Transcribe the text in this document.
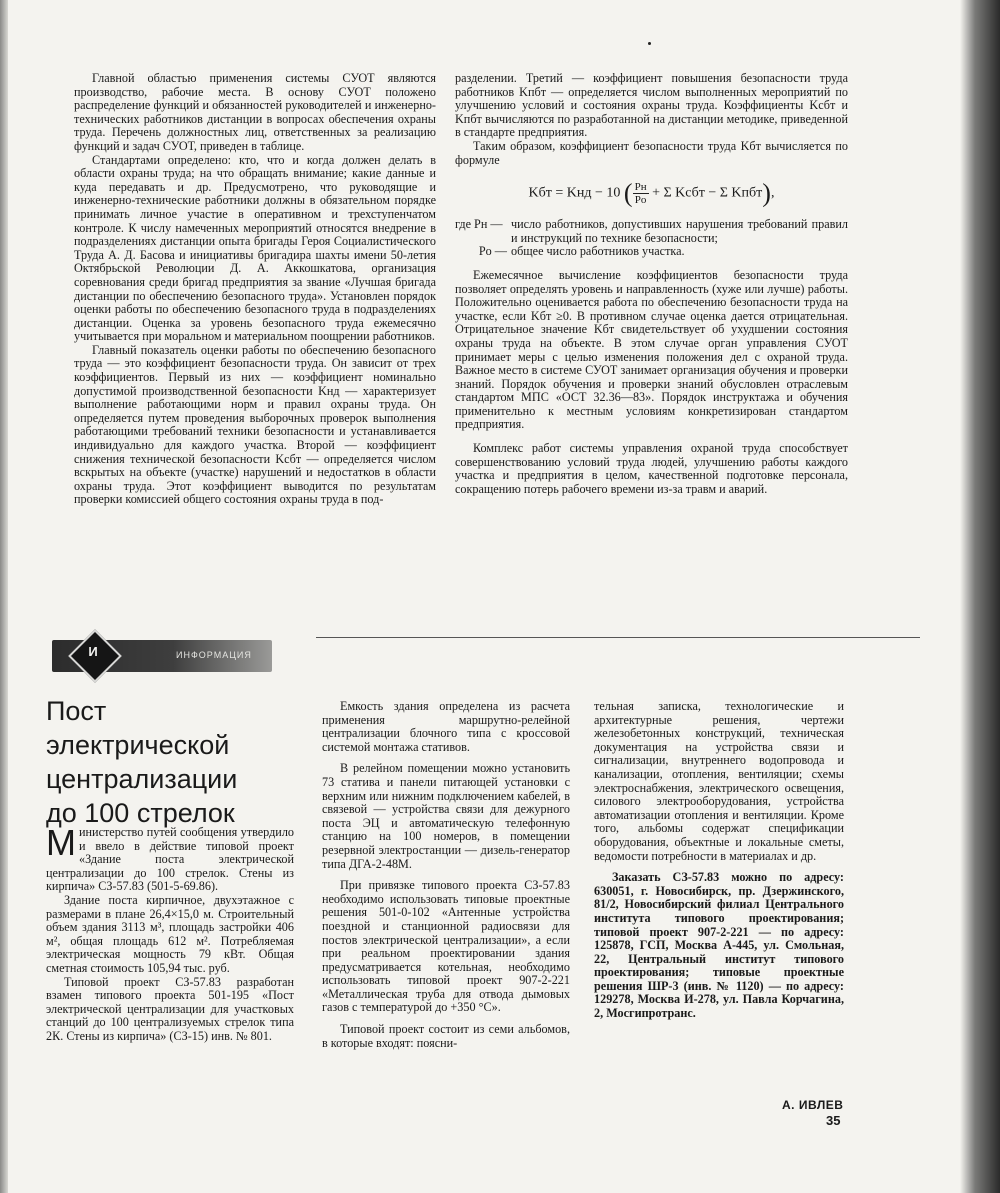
Главной областью применения системы СУОТ являются производство, рабочие места. В основу СУОТ положено распределение функций и обязанностей руководителей и инженерно-технических работников дистанции в вопросах обеспечения охраны труда. Перечень должностных лиц, ответственных за реализацию функций и задач СУОТ, приведен в таблице.

Стандартами определено: кто, что и когда должен делать в области охраны труда; на что обращать внимание; какие данные и куда передавать и др. Предусмотрено, что руководящие и инженерно-технические работники должны в обязательном порядке принимать личное участие в оперативном и трехступенчатом контроле. К числу намеченных мероприятий относятся внедрение в подразделениях дистанции опыта бригады Героя Социалистического Труда А. Д. Басова и инициативы бригадира шахты имени 50-летия Октябрьской Революции Д. А. Аккошкатова, организация соревнования среди бригад предприятия за звание «Лучшая бригада дистанции по обеспечению безопасного труда». Установлен порядок оценки работы по обеспечению безопасного труда в подразделениях дистанции. Оценка за уровень безопасного труда ежемесячно учитывается при моральном и материальном поощрении работников.

Главный показатель оценки работы по обеспечению безопасного труда — это коэффициент безопасности труда. Он зависит от трех коэффициентов. Первый из них — коэффициент номинально допустимой производственной безопасности Kнд — характеризует выполнение работающими норм и правил охраны труда. Он определяется путем проведения выборочных проверок выполнения работающими требований техники безопасности и устанавливается индивидуально для каждого участка. Второй — коэффициент снижения технической безопасности Kсбт — определяется числом вскрытых на объекте (участке) нарушений и недостатков в области охраны труда. Этот коэффициент выводится по результатам проверки комиссией общего состояния охраны труда в под-

разделении. Третий — коэффициент повышения безопасности труда работников Kпбт — определяется числом выполненных мероприятий по улучшению условий и состояния охраны труда. Коэффициенты Kсбт и Kпбт вычисляются по разработанной на дистанции методике, приведенной в стандарте предприятия.

Таким образом, коэффициент безопасности труда Kбт вычисляется по формуле

Kбт = Kнд − 10 ( $\frac{Pн}{Pо} + \Sigma$ Kсбт − Σ Kпбт),
где Pн — число работников, допустивших нарушения требований правил и инструкций по технике безопасности;
Pо — общее число работников участка.

Ежемесячное вычисление коэффициентов безопасности труда позволяет определять уровень и направленность (хуже или лучше) работы. Положительно оценивается работа по обеспечению безопасности труда на участке, если Kбт ≥0. В противном случае оценка дается отрицательная. Отрицательное значение Kбт свидетельствует об ухудшении состояния охраны труда на объекте. В этом случае орган управления СУОТ принимает меры с целью изменения положения дел с охраной труда. Важное место в системе СУОТ занимает организация обучения и проверки знаний. Порядок обучения и проверки знаний обусловлен отраслевым стандартом МПС «ОСТ 32.36—83». Порядок инструктажа и обучения применительно к местным условиям конкретизирован стандартом предприятия.

Комплекс работ системы управления охраной труда способствует совершенствованию условий труда людей, улучшению работы каждого участка и предприятия в целом, качественной подготовке персонала, сокращению потерь рабочего времени из-за травм и аварий.

И	ИНФОРМАЦИЯ
Пост
электрической
централизации
до 100 стрелок

Министерство путей сообщения утвердило и ввело в действие типовой проект «Здание поста электрической централизации до 100 стрелок. Стены из кирпича» СЗ-57.83 (501-5-69.86).

Здание поста кирпичное, двухэтажное с размерами в плане 26,4×15,0 м. Строительный объем здания 3113 м³, площадь застройки 406 м², общая площадь 612 м². Потребляемая электрическая мощность 79 кВт. Общая сметная стоимость 105,94 тыс. руб.

Типовой проект СЗ-57.83 разработан взамен типового проекта 501-195 «Пост электрической централизации для участковых станций до 100 централизуемых стрелок типа 2К. Стены из кирпича» (СЗ-15) инв. № 801.

Емкость здания определена из расчета применения маршрутно-релейной централизации блочного типа с кроссовой системой монтажа стативов.

В релейном помещении можно установить 73 статива и панели питающей установки с верхним или нижним подключением кабелей, в связевой — устройства связи для дежурного поста ЭЦ и автоматическую телефонную станцию на 100 номеров, в помещении резервной электростанции — дизель-генератор типа ДГА-2-48М.

При привязке типового проекта СЗ-57.83 необходимо использовать типовые проектные решения 501-0-102 «Антенные устройства поездной и станционной радиосвязи для постов электрической централизации», а если при реальном проектировании здания предусматривается котельная, необходимо использовать типовой проект 907-2-221 «Металлическая труба для отвода дымовых газов с температурой до +350 °С».

Типовой проект состоит из семи альбомов, в которые входят: поясни-

тельная записка, технологические и архитектурные решения, чертежи железобетонных конструкций, техническая документация на устройства связи и сигнализации, внутреннего водопровода и канализации, отопления, вентиляции; схемы электроснабжения, электрического освещения, силового электрооборудования, устройства автоматизации отопления и вентиляции. Кроме того, альбомы содержат спецификации оборудования, объектные и локальные сметы, ведомости потребности в материалах и др.

Заказать СЗ-57.83 можно по адресу: 630051, г. Новосибирск, пр. Дзержинского, 81/2, Новосибирский филиал Центрального института типового проектирования; типовой проект 907-2-221 — по адресу: 125878, ГСП, Москва А-445, ул. Смольная, 22, Центральный институт типового проектирования; типовые проектные решения ШР-3 (инв. № 1120) — по адресу: 129278, Москва И-278, ул. Павла Корчагина, 2, Мосгипротранс.

А. ИВЛЕВ
35
